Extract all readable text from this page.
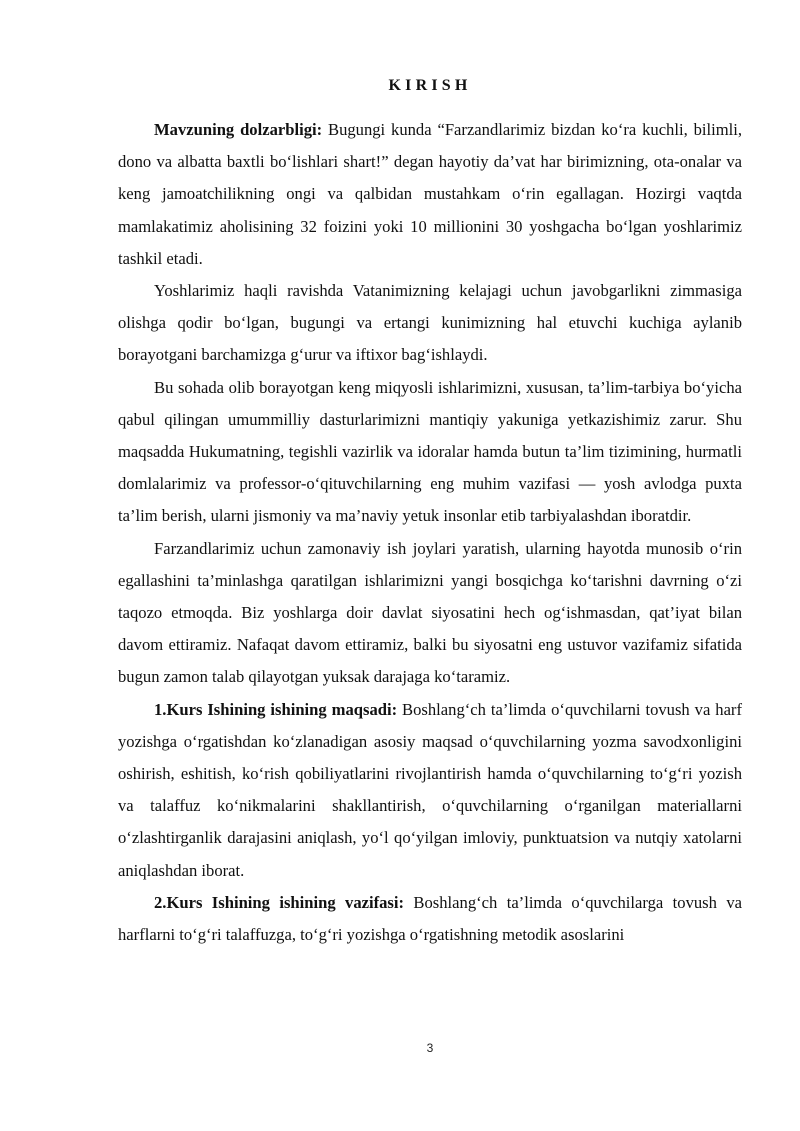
KIRISH

Mavzuning dolzarbligi: Bugungi kunda “Farzandlarimiz bizdan ko‘ra kuchli, bilimli, dono va albatta baxtli bo‘lishlari shart!” degan hayotiy da’vat har birimizning, ota-onalar va keng jamoatchilikning ongi va qalbidan mustahkam o‘rin egallagan. Hozirgi vaqtda mamlakatimiz aholisining 32 foizini yoki 10 millionini 30 yoshgacha bo‘lgan yoshlarimiz tashkil etadi.

Yoshlarimiz haqli ravishda Vatanimizning kelajagi uchun javobgarlikni zimmasiga olishga qodir bo‘lgan, bugungi va ertangi kunimizning hal etuvchi kuchiga aylanib borayotgani barchamizga g‘urur va iftixor bag‘ishlaydi.

Bu sohada olib borayotgan keng miqyosli ishlarimizni, xususan, ta’lim-tarbiya bo‘yicha qabul qilingan umummilliy dasturlarimizni mantiqiy yakuniga yetkazishimiz zarur. Shu maqsadda Hukumatning, tegishli vazirlik va idoralar hamda butun ta’lim tizimining, hurmatli domlalarimiz va professor-o‘qituvchilarning eng muhim vazifasi — yosh avlodga puxta ta’lim berish, ularni jismoniy va ma’naviy yetuk insonlar etib tarbiyalashdan iboratdir.

Farzandlarimiz uchun zamonaviy ish joylari yaratish, ularning hayotda munosib o‘rin egallashini ta’minlashga qaratilgan ishlarimizni yangi bosqichga ko‘tarishni davrning o‘zi taqozo etmoqda. Biz yoshlarga doir davlat siyosatini hech og‘ishmasdan, qat’iyat bilan davom ettiramiz. Nafaqat davom ettiramiz, balki bu siyosatni eng ustuvor vazifamiz sifatida bugun zamon talab qilayotgan yuksak darajaga ko‘taramiz.

1.Kurs Ishining ishining maqsadi: Boshlang‘ch ta’limda o‘quvchilarni tovush va harf yozishga o‘rgatishdan ko‘zlanadigan asosiy maqsad o‘quvchilarning yozma savodxonligini oshirish, eshitish, ko‘rish qobiliyatlarini rivojlantirish hamda o‘quvchilarning to‘g‘ri yozish va talaffuz ko‘nikmalarini shakllantirish, o‘quvchilarning o‘rganilgan materiallarni o‘zlashtirganlik darajasini aniqlash, yo‘l qo‘yilgan imloviy, punktuatsion va nutqiy xatolarni aniqlashdan iborat.

2.Kurs Ishining ishining vazifasi: Boshlang‘ch ta’limda o‘quvchilarga tovush va harflarni to‘g‘ri talaffuzga, to‘g‘ri yozishga o‘rgatishning metodik asoslarini

3
